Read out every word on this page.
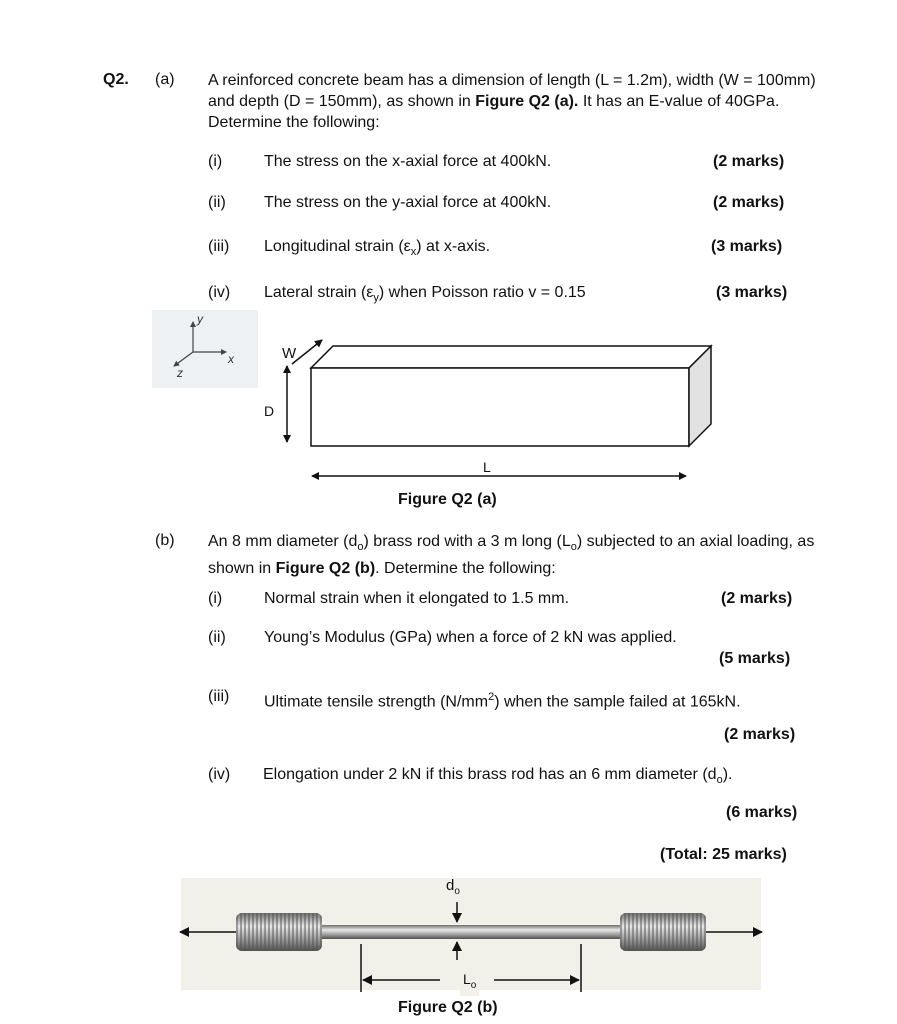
Q2. (a) A reinforced concrete beam has a dimension of length (L = 1.2m), width (W = 100mm) and depth (D = 150mm), as shown in Figure Q2 (a). It has an E-value of 40GPa. Determine the following:
(i)	The stress on the x-axial force at 400kN.	(2 marks)
(ii) The stress on the y-axial force at 400kN.	(2 marks)
(iii) Longitudinal strain $(\varepsilon_x)$ at x-axis.	(3 marks)
(iv) Lateral strain $(\varepsilon_y)$ when Poisson ratio v = 0.15	(3 marks)
y
x
z
W
D
L
Figure Q2 (a)
(b) An 8 mm diameter $(d_o)$ brass rod with a 3 m long $(L_o)$ subjected to an axial loading, as shown in Figure Q2 (b). Determine the following:
(i)	Normal strain when it elongated to 1.5 mm.	(2 marks)
(ii) Young’s Modulus (GPa) when a force of 2 kN was applied.
(5 marks)
(iii) Ultimate tensile strength $(N/mm^2)$ when the sample failed at 165kN.
(2 marks)
(iv) Elongation under 2 kN if this brass rod has an 6 mm diameter $(d_o)$.
(6 marks)
(Total: 25 marks)
$d_o$
$L_o$
Figure Q2 (b)
